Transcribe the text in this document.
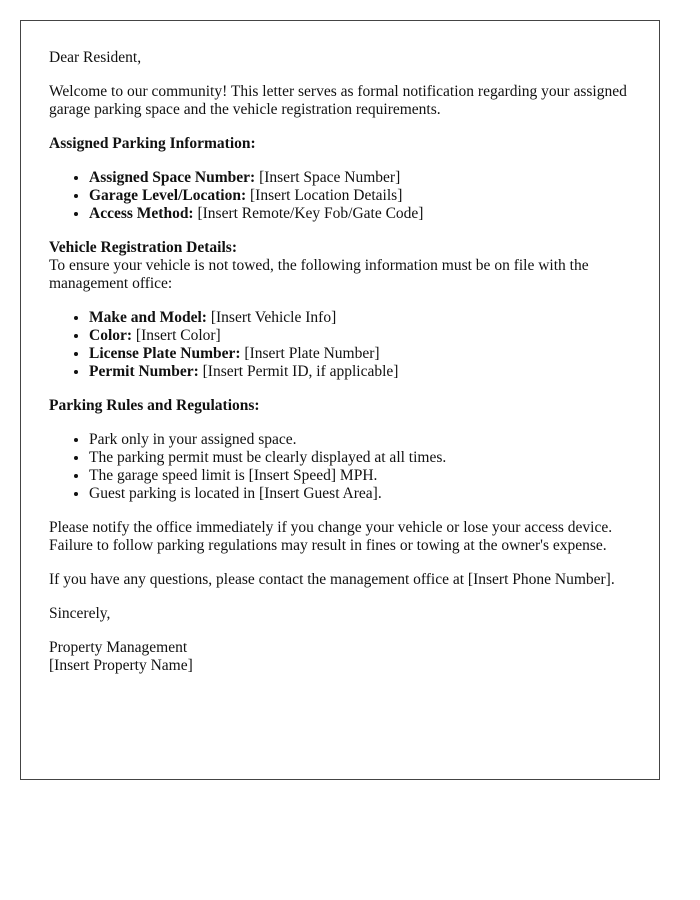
Dear Resident,

Welcome to our community! This letter serves as formal notification regarding your assigned garage parking space and the vehicle registration requirements.

Assigned Parking Information:
• Assigned Space Number: [Insert Space Number]
• Garage Level/Location: [Insert Location Details]
• Access Method: [Insert Remote/Key Fob/Gate Code]
Vehicle Registration Details:

To ensure your vehicle is not towed, the following information must be on file with the management office:

• Make and Model: [Insert Vehicle Info]
• Color: [Insert Color]
• License Plate Number: [Insert Plate Number]
• Permit Number: [Insert Permit ID, if applicable]
Parking Rules and Regulations:
• Park only in your assigned space.
• The parking permit must be clearly displayed at all times.
• The garage speed limit is [Insert Speed] MPH.
• Guest parking is located in [Insert Guest Area].

Please notify the office immediately if you change your vehicle or lose your access device. Failure to follow parking regulations may result in fines or towing at the owner's expense.

If you have any questions, please contact the management office at [Insert Phone Number].

Sincerely,

Property Management

[Insert Property Name]
